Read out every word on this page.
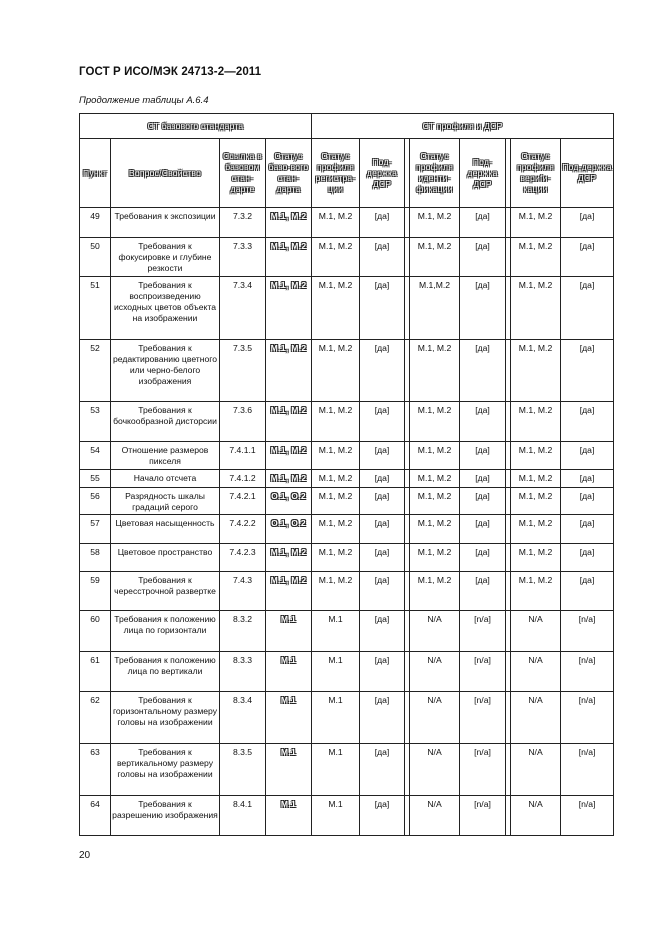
ГОСТ Р ИСО/МЭК 24713-2—2011
Продолжение таблицы А.6.4
СТ базового стандарта				СТ профиля и ДСР							
Пункт	Вопрос/Свойство	Ссылка в базовом стан-дарте	Статус базо-вого стан-дарта	Статус профиля регистра-ции	Под-держка ДСР		Статус профиля иденти-фикации	Под-держка ДСР		Статус профиля вериfи-кации	Под-держка ДСР
49	Требования к экспозиции	7.3.2	М.1, М.2	М.1, М.2	[да]		М.1, М.2	[да]		М.1, М.2	[да]
50	Требования к фокусировке и глубине резкости	7.3.3	М.1, М.2	М.1, М.2	[да]		М.1, М.2	[да]		М.1, М.2	[да]
51	Требования к воспроизведению исходных цветов объекта на изображении	7.3.4	М.1, М.2	М.1, М.2	[да]		М.1,М.2	[да]		М.1, М.2	[да]
52	Требования к редактированию цветного или черно-белого изображения	7.3.5	М.1, М.2	М.1, М.2	[да]		М.1, М.2	[да]		М.1, М.2	[да]
53	Требования к бочкообразной дисторсии	7.3.6	М.1, М.2	М.1, М.2	[да]		М.1, М.2	[да]		М.1, М.2	[да]
54	Отношение размеров пикселя	7.4.1.1	М.1, М.2	М.1, М.2	[да]		М.1, М.2	[да]		М.1, М.2	[да]
55	Начало отсчета	7.4.1.2	М.1, М.2	М.1, М.2	[да]		М.1, М.2	[да]		М.1, М.2	[да]
56	Разрядность шкалы градаций серого	7.4.2.1	О.1, О.2	М.1, М.2	[да]		М.1, М.2	[да]		М.1, М.2	[да]
57	Цветовая насыщенность	7.4.2.2	О.1, О.2	М.1, М.2	[да]		М.1, М.2	[да]		М.1, М.2	[да]
58	Цветовое пространство	7.4.2.3	М.1, М.2	М.1, М.2	[да]		М.1, М.2	[да]		М.1, М.2	[да]
59	Требования к чересстрочной развертке	7.4.3	М.1, М.2	М.1, М.2	[да]		М.1, М.2	[да]		М.1, М.2	[да]
60	Требования к положению лица по горизонтали	8.3.2	М.1	М.1	[да]		N/A	[n/a]		N/A	[n/a]
61	Требования к положению лица по вертикали	8.3.3	М.1	М.1	[да]		N/A	[n/a]		N/A	[n/a]
62	Требования к горизонтальному размеру головы на изображении	8.3.4	М.1	М.1	[да]		N/A	[n/a]		N/A	[n/a]
63	Требования к вертикальному размеру головы на изображении	8.3.5	М.1	М.1	[да]		N/A	[n/a]		N/A	[n/a]
64	Требования к разрешению изображения	8.4.1	М.1	М.1	[да]		N/A	[n/a]		N/A	[n/a]
20
